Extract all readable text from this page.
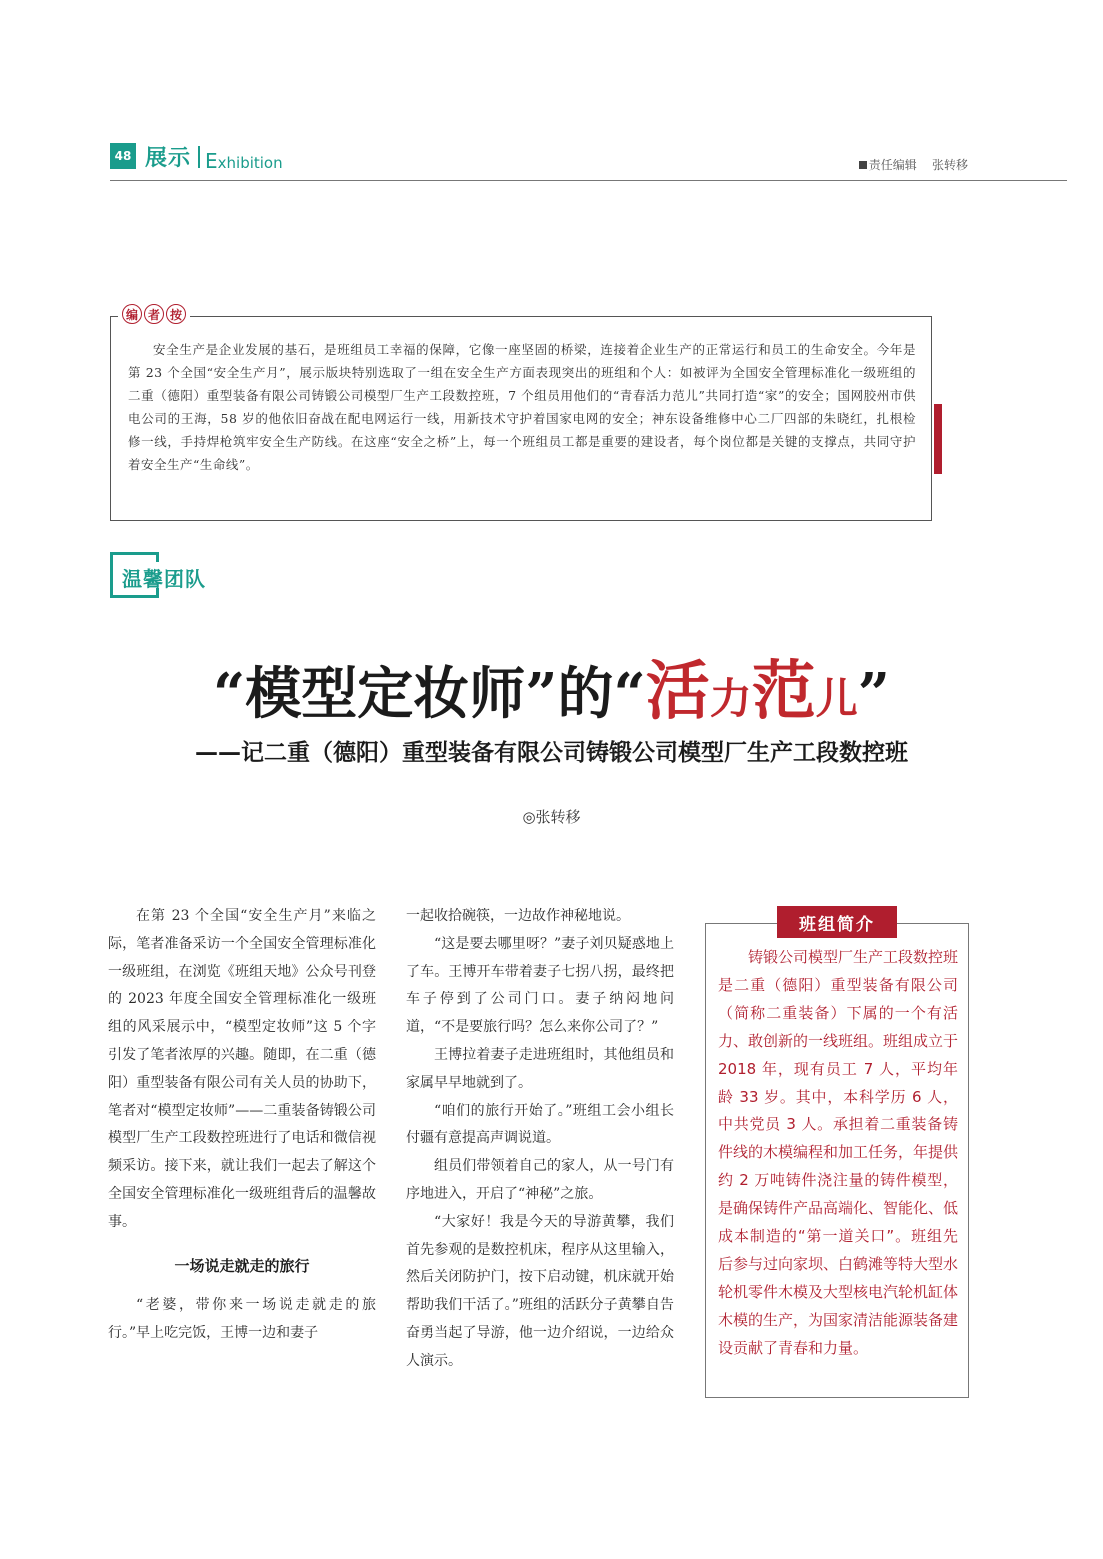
48 展示 Exhibition	责任编辑 张转移
编 者 按
安全生产是企业发展的基石，是班组员工幸福的保障，它像一座坚固的桥梁，连接着企业生产的正常运行和员工的生命安全。今年是第 23 个全国“安全生产月”，展示版块特别选取了一组在安全生产方面表现突出的班组和个人：如被评为全国安全管理标准化一级班组的二重（德阳）重型装备有限公司铸锻公司模型厂生产工段数控班，7 个组员用他们的“青春活力范儿”共同打造“家”的安全；国网胶州市供电公司的王海，58 岁的他依旧奋战在配电网运行一线，用新技术守护着国家电网的安全；神东设备维修中心二厂四部的朱晓红，扎根检修一线，手持焊枪筑牢安全生产防线。在这座“安全之桥”上，每一个班组员工都是重要的建设者，每个岗位都是关键的支撑点，共同守护着安全生产“生命线”。
温馨团队
“模型定妆师”的“活力范儿”
——记二重（德阳）重型装备有限公司铸锻公司模型厂生产工段数控班
◎张转移

在第 23 个全国“安全生产月”来临之际，笔者准备采访一个全国安全管理标准化一级班组，在浏览《班组天地》公众号刊登的 2023 年度全国安全管理标准化一级班组的风采展示中，“模型定妆师”这 5 个字引发了笔者浓厚的兴趣。随即，在二重（德阳）重型装备有限公司有关人员的协助下，笔者对“模型定妆师”——二重装备铸锻公司模型厂生产工段数控班进行了电话和微信视频采访。接下来，就让我们一起去了解这个全国安全管理标准化一级班组背后的温馨故事。

一场说走就走的旅行

“老婆，带你来一场说走就走的旅行。”早上吃完饭，王博一边和妻子

一起收拾碗筷，一边故作神秘地说。

“这是要去哪里呀？”妻子刘贝疑惑地上了车。王博开车带着妻子七拐八拐，最终把车子停到了公司门口。妻子纳闷地问道，“不是要旅行吗？怎么来你公司了？”

王博拉着妻子走进班组时，其他组员和家属早早地就到了。

“咱们的旅行开始了。”班组工会小组长付疆有意提高声调说道。

组员们带领着自己的家人，从一号门有序地进入，开启了“神秘”之旅。

“大家好！我是今天的导游黄攀，我们首先参观的是数控机床，程序从这里输入，然后关闭防护门，按下启动键，机床就开始帮助我们干活了。”班组的活跃分子黄攀自告奋勇当起了导游，他一边介绍说，一边给众人演示。

班组简介
铸锻公司模型厂生产工段数控班是二重（德阳）重型装备有限公司（简称二重装备）下属的一个有活力、敢创新的一线班组。班组成立于 2018 年，现有员工 7 人，平均年龄 33 岁。其中，本科学历 6 人，中共党员 3 人。承担着二重装备铸件线的木模编程和加工任务，年提供约 2 万吨铸件浇注量的铸件模型，是确保铸件产品高端化、智能化、低成本制造的“第一道关口”。班组先后参与过向家坝、白鹤滩等特大型水轮机零件木模及大型核电汽轮机缸体木模的生产，为国家清洁能源装备建设贡献了青春和力量。
